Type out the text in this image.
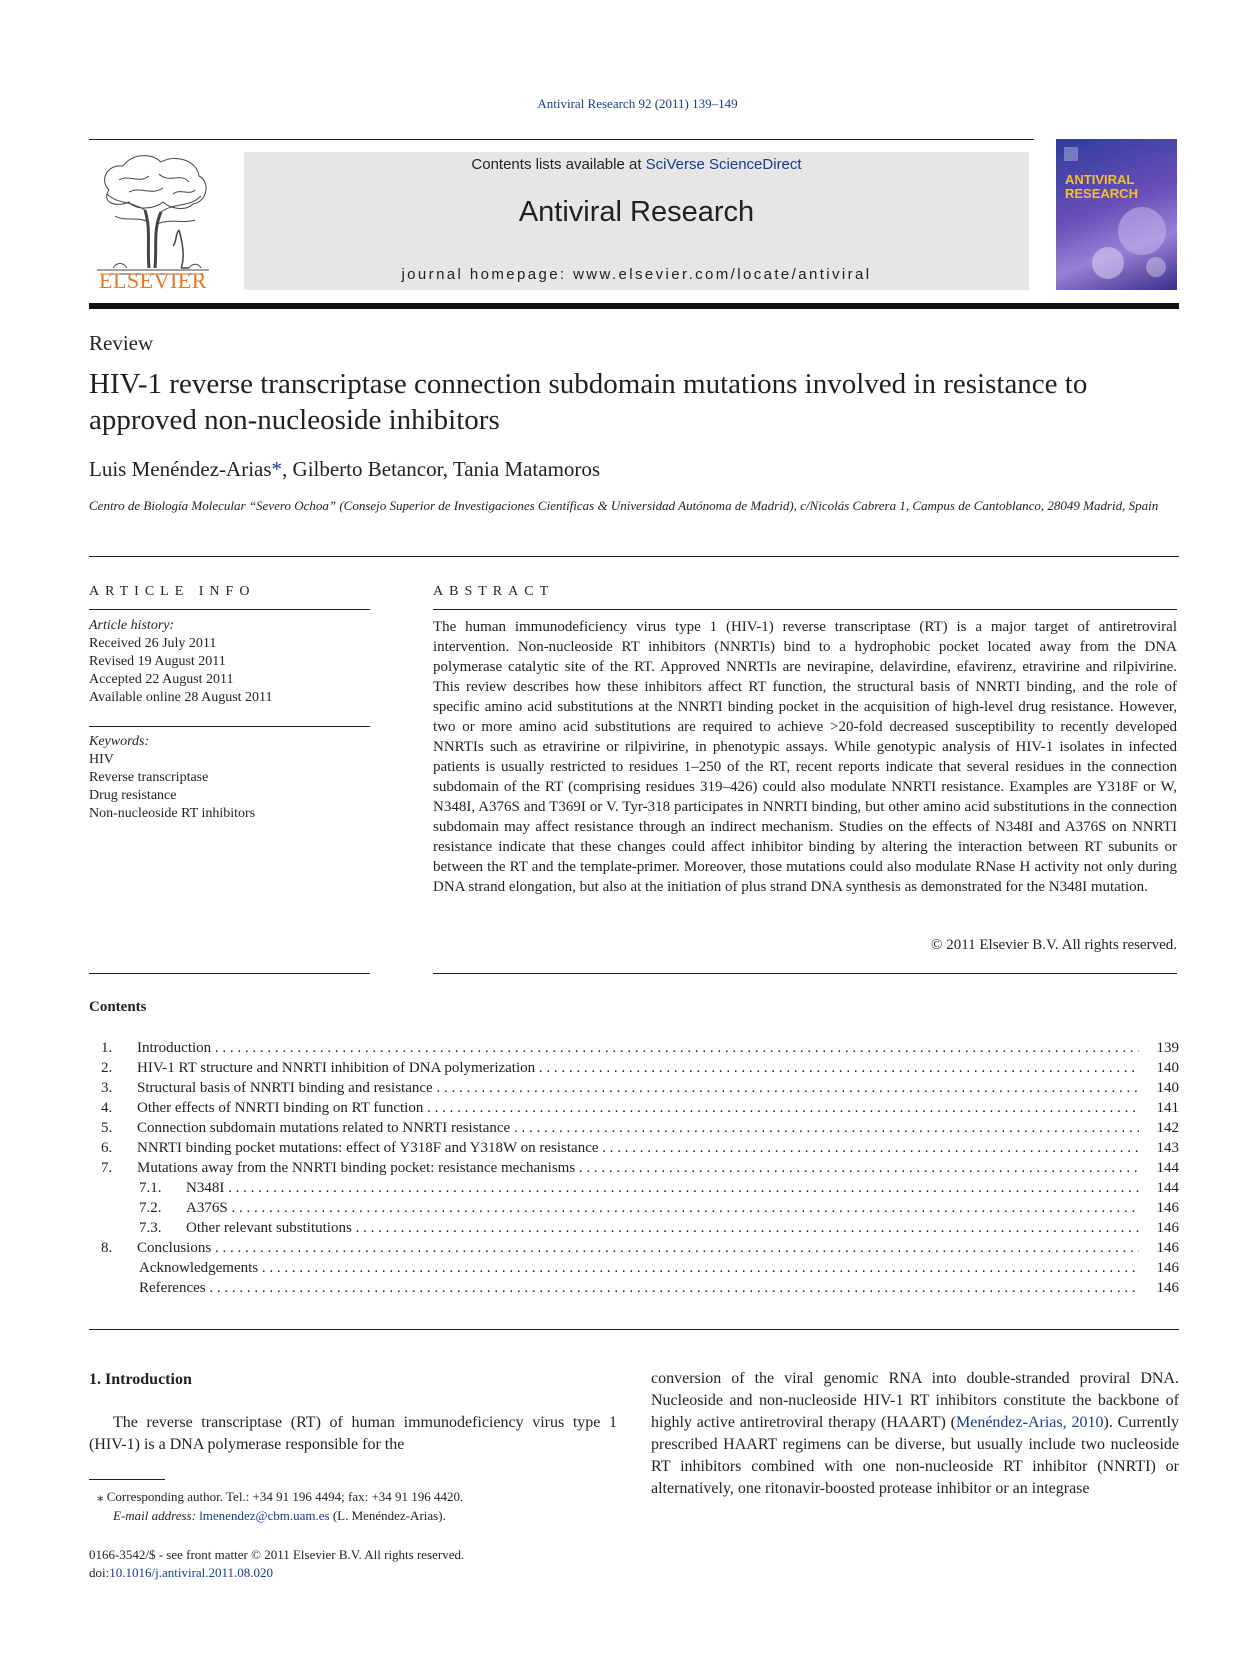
Antiviral Research 92 (2011) 139–149
ELSEVIER
Contents lists available at SciVerse ScienceDirect
Antiviral Research
journal homepage: www.elsevier.com/locate/antiviral
ANTIVIRAL
RESEARCH
Review
HIV-1 reverse transcriptase connection subdomain mutations involved in resistance to approved non-nucleoside inhibitors
Luis Menéndez-Arias*, Gilberto Betancor, Tania Matamoros
Centro de Biología Molecular “Severo Ochoa” (Consejo Superior de Investigaciones Científicas & Universidad Autónoma de Madrid), c/Nicolás Cabrera 1, Campus de Cantoblanco, 28049 Madrid, Spain
ARTICLE INFO
Article history:
Received 26 July 2011
Revised 19 August 2011
Accepted 22 August 2011
Available online 28 August 2011
Keywords:
HIV
Reverse transcriptase
Drug resistance
Non-nucleoside RT inhibitors
ABSTRACT
The human immunodeficiency virus type 1 (HIV-1) reverse transcriptase (RT) is a major target of antiretroviral intervention. Non-nucleoside RT inhibitors (NNRTIs) bind to a hydrophobic pocket located away from the DNA polymerase catalytic site of the RT. Approved NNRTIs are nevirapine, delavirdine, efavirenz, etravirine and rilpivirine. This review describes how these inhibitors affect RT function, the structural basis of NNRTI binding, and the role of specific amino acid substitutions at the NNRTI binding pocket in the acquisition of high-level drug resistance. However, two or more amino acid substitutions are required to achieve >20-fold decreased susceptibility to recently developed NNRTIs such as etravirine or rilpivirine, in phenotypic assays. While genotypic analysis of HIV-1 isolates in infected patients is usually restricted to residues 1–250 of the RT, recent reports indicate that several residues in the connection subdomain of the RT (comprising residues 319–426) could also modulate NNRTI resistance. Examples are Y318F or W, N348I, A376S and T369I or V. Tyr-318 participates in NNRTI binding, but other amino acid substitutions in the connection subdomain may affect resistance through an indirect mechanism. Studies on the effects of N348I and A376S on NNRTI resistance indicate that these changes could affect inhibitor binding by altering the interaction between RT subunits or between the RT and the template-primer. Moreover, those mutations could also modulate RNase H activity not only during DNA strand elongation, but also at the initiation of plus strand DNA synthesis as demonstrated for the N348I mutation.
© 2011 Elsevier B.V. All rights reserved.
Contents
1. Introduction . . .	139
2. HIV-1 RT structure and NNRTI inhibition of DNA polymerization . . .	140
3. Structural basis of NNRTI binding and resistance . . .	140
4. Other effects of NNRTI binding on RT function . . .	141
5. Connection subdomain mutations related to NNRTI resistance . . .	142
6. NNRTI binding pocket mutations: effect of Y318F and Y318W on resistance . . .	143
7. Mutations away from the NNRTI binding pocket: resistance mechanisms . . .	144
7.1. N348I . . .	144
7.2. A376S . . .	146
7.3. Other relevant substitutions . . .	146
8. Conclusions . . .	146
Acknowledgements . . .	146
References . . .	146
1. Introduction
The reverse transcriptase (RT) of human immunodeficiency virus type 1 (HIV-1) is a DNA polymerase responsible for the
conversion of the viral genomic RNA into double-stranded proviral DNA. Nucleoside and non-nucleoside HIV-1 RT inhibitors constitute the backbone of highly active antiretroviral therapy (HAART) (Menéndez-Arias, 2010). Currently prescribed HAART regimens can be diverse, but usually include two nucleoside RT inhibitors combined with one non-nucleoside RT inhibitor (NNRTI) or alternatively, one ritonavir-boosted protease inhibitor or an integrase
⁎ Corresponding author. Tel.: +34 91 196 4494; fax: +34 91 196 4420.
E-mail address: lmenendez@cbm.uam.es (L. Menéndez-Arias).
0166-3542/$ - see front matter © 2011 Elsevier B.V. All rights reserved.
doi:10.1016/j.antiviral.2011.08.020
